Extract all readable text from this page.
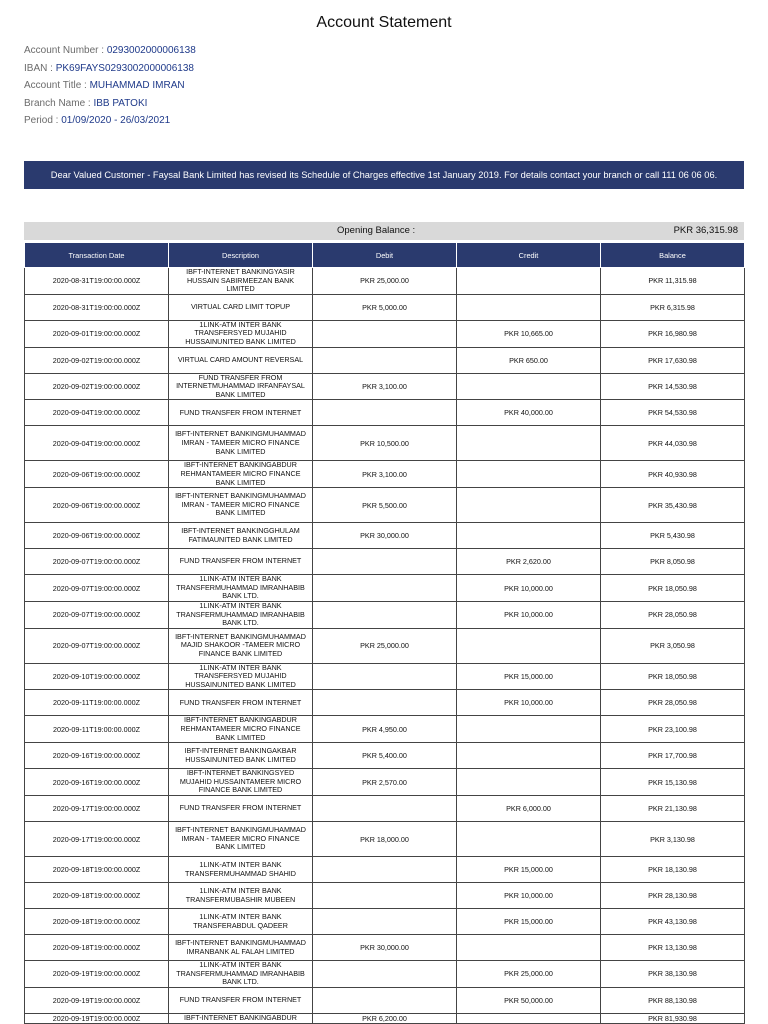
Account Statement
Account Number : 0293002000006138
IBAN : PK69FAYS0293002000006138
Account Title : MUHAMMAD IMRAN
Branch Name : IBB PATOKI
Period : 01/09/2020 - 26/03/2021
Dear Valued Customer - Faysal Bank Limited has revised its Schedule of Charges effective 1st January 2019. For details contact your branch or call 111 06 06 06.
Opening Balance :	PKR 36,315.98
Transaction Date	Description	Debit	Credit	Balance
2020-08-31T19:00:00.000Z	IBFT-INTERNET BANKINGYASIR HUSSAIN SABIRMEEZAN BANK LIMITED	PKR 25,000.00		PKR 11,315.98
2020-08-31T19:00:00.000Z	VIRTUAL CARD LIMIT TOPUP	PKR 5,000.00		PKR 6,315.98
2020-09-01T19:00:00.000Z	1LINK-ATM INTER BANK TRANSFERSYED MUJAHID HUSSAINUNITED BANK LIMITED		PKR 10,665.00	PKR 16,980.98
2020-09-02T19:00:00.000Z	VIRTUAL CARD AMOUNT REVERSAL		PKR 650.00	PKR 17,630.98
2020-09-02T19:00:00.000Z	FUND TRANSFER FROM INTERNETMUHAMMAD IRFANFAYSAL BANK LIMITED	PKR 3,100.00		PKR 14,530.98
2020-09-04T19:00:00.000Z	FUND TRANSFER FROM INTERNET		PKR 40,000.00	PKR 54,530.98
2020-09-04T19:00:00.000Z	IBFT-INTERNET BANKINGMUHAMMAD IMRAN - TAMEER MICRO FINANCE BANK LIMITED	PKR 10,500.00		PKR 44,030.98
2020-09-06T19:00:00.000Z	IBFT-INTERNET BANKINGABDUR REHMANTAMEER MICRO FINANCE BANK LIMITED	PKR 3,100.00		PKR 40,930.98
2020-09-06T19:00:00.000Z	IBFT-INTERNET BANKINGMUHAMMAD IMRAN - TAMEER MICRO FINANCE BANK LIMITED	PKR 5,500.00		PKR 35,430.98
2020-09-06T19:00:00.000Z	IBFT-INTERNET BANKINGGHULAM FATIMAUNITED BANK LIMITED	PKR 30,000.00		PKR 5,430.98
2020-09-07T19:00:00.000Z	FUND TRANSFER FROM INTERNET		PKR 2,620.00	PKR 8,050.98
2020-09-07T19:00:00.000Z	1LINK-ATM INTER BANK TRANSFERMUHAMMAD IMRANHABIB BANK LTD.		PKR 10,000.00	PKR 18,050.98
2020-09-07T19:00:00.000Z	1LINK-ATM INTER BANK TRANSFERMUHAMMAD IMRANHABIB BANK LTD.		PKR 10,000.00	PKR 28,050.98
2020-09-07T19:00:00.000Z	IBFT-INTERNET BANKINGMUHAMMAD MAJID SHAKOOR -TAMEER MICRO FINANCE BANK LIMITED	PKR 25,000.00		PKR 3,050.98
2020-09-10T19:00:00.000Z	1LINK-ATM INTER BANK TRANSFERSYED MUJAHID HUSSAINUNITED BANK LIMITED		PKR 15,000.00	PKR 18,050.98
2020-09-11T19:00:00.000Z	FUND TRANSFER FROM INTERNET		PKR 10,000.00	PKR 28,050.98
2020-09-11T19:00:00.000Z	IBFT-INTERNET BANKINGABDUR REHMANTAMEER MICRO FINANCE BANK LIMITED	PKR 4,950.00		PKR 23,100.98
2020-09-16T19:00:00.000Z	IBFT-INTERNET BANKINGAKBAR HUSSAINUNITED BANK LIMITED	PKR 5,400.00		PKR 17,700.98
2020-09-16T19:00:00.000Z	IBFT-INTERNET BANKINGSYED MUJAHID HUSSAINTAMEER MICRO FINANCE BANK LIMITED	PKR 2,570.00		PKR 15,130.98
2020-09-17T19:00:00.000Z	FUND TRANSFER FROM INTERNET		PKR 6,000.00	PKR 21,130.98
2020-09-17T19:00:00.000Z	IBFT-INTERNET BANKINGMUHAMMAD IMRAN - TAMEER MICRO FINANCE BANK LIMITED	PKR 18,000.00		PKR 3,130.98
2020-09-18T19:00:00.000Z	1LINK-ATM INTER BANK TRANSFERMUHAMMAD SHAHID		PKR 15,000.00	PKR 18,130.98
2020-09-18T19:00:00.000Z	1LINK-ATM INTER BANK TRANSFERMUBASHIR MUBEEN		PKR 10,000.00	PKR 28,130.98
2020-09-18T19:00:00.000Z	1LINK-ATM INTER BANK TRANSFERABDUL QADEER		PKR 15,000.00	PKR 43,130.98
2020-09-18T19:00:00.000Z	IBFT-INTERNET BANKINGMUHAMMAD IMRANBANK AL FALAH LIMITED	PKR 30,000.00		PKR 13,130.98
2020-09-19T19:00:00.000Z	1LINK-ATM INTER BANK TRANSFERMUHAMMAD IMRANHABIB BANK LTD.		PKR 25,000.00	PKR 38,130.98
2020-09-19T19:00:00.000Z	FUND TRANSFER FROM INTERNET		PKR 50,000.00	PKR 88,130.98
2020-09-19T19:00:00.000Z	IBFT-INTERNET BANKINGABDUR	PKR 6,200.00		PKR 81,930.98
